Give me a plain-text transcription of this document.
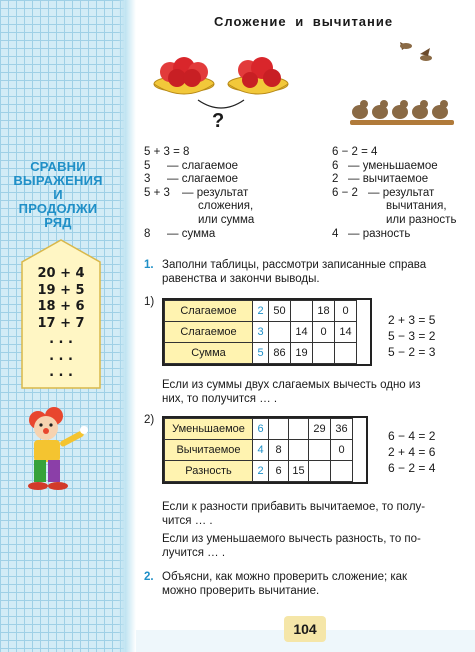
СРАВНИ
ВЫРАЖЕНИЯ
И
ПРОДОЛЖИ
РЯД
20 + 4
19 + 5
18 + 6
17 + 7
. . .
. . .
. . .
Сложение и вычитание
?
5 + 3 = 8
5 — слагаемое
3 — слагаемое
5 + 3 — результат
сложения,
или сумма
8 — сумма
6 − 2 = 4
6 — уменьшаемое
2 — вычитаемое
6 − 2 — результат
вычитания,
или разность
4 — разность
1. Заполни таблицы, рассмотри записанные справа
равенства и закончи выводы.
1)
Слагаемое	2	50		18	0
Слагаемое	3		14	0	14
Сумма	5	86	19		
2 + 3 = 5
5 − 3 = 2
5 − 2 = 3
Если из суммы двух слагаемых вычесть одно из
них, то получится … .
2)
Уменьшаемое	6			29	36
Вычитаемое	4	8			0
Разность	2	6	15		
6 − 4 = 2
2 + 4 = 6
6 − 2 = 4
Если к разности прибавить вычитаемое, то полу-
чится … .
Если из уменьшаемого вычесть разность, то по-
лучится … .
2. Объясни, как можно проверить сложение; как
можно проверить вычитание.
104
